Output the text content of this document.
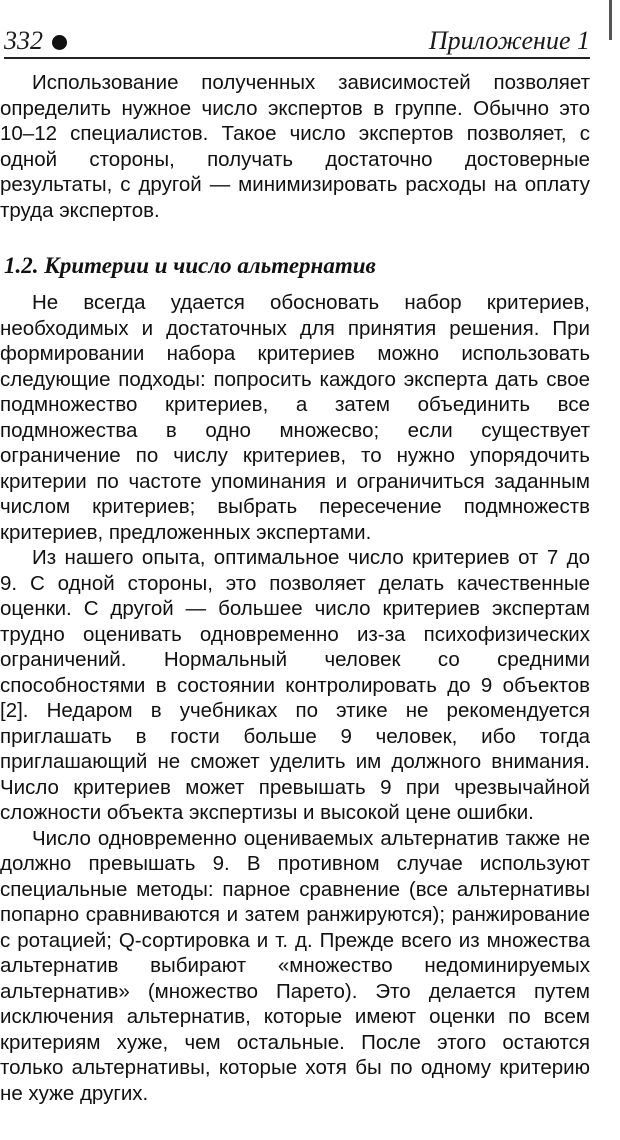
332	Приложение 1

Использование полученных зависимостей позволяет определить нужное число экспертов в группе. Обычно это 10–12 специалистов. Такое число экспертов позволяет, с одной стороны, получать достаточно достоверные результаты, с другой — минимизировать расходы на оплату труда экспертов.

1.2. Критерии и число альтернатив

Не всегда удается обосновать набор критериев, необходимых и достаточных для принятия решения. При формировании набора критериев можно использовать следующие подходы: попросить каждого эксперта дать свое подмножество критериев, а затем объединить все подмножества в одно множесво; если существует ограничение по числу критериев, то нужно упорядочить критерии по частоте упоминания и ограничиться заданным числом критериев; выбрать пересечение подмножеств критериев, предложенных экспертами.

Из нашего опыта, оптимальное число критериев от 7 до 9. С одной стороны, это позволяет делать качественные оценки. С другой — большее число критериев экспертам трудно оценивать одновременно из-за психофизических ограничений. Нормальный человек со средними способностями в состоянии контролировать до 9 объектов [2]. Недаром в учебниках по этике не рекомендуется приглашать в гости больше 9 человек, ибо тогда приглашающий не сможет уделить им должного внимания. Число критериев может превышать 9 при чрезвычайной сложности объекта экспертизы и высокой цене ошибки.

Число одновременно оцениваемых альтернатив также не должно превышать 9. В противном случае используют специальные методы: парное сравнение (все альтернативы попарно сравниваются и затем ранжируются); ранжирование с ротацией; Q-сортировка и т. д. Прежде всего из множества альтернатив выбирают «множество недоминируемых альтернатив» (множество Парето). Это делается путем исключения альтернатив, которые имеют оценки по всем критериям хуже, чем остальные. После этого остаются только альтернативы, которые хотя бы по одному критерию не хуже других.
